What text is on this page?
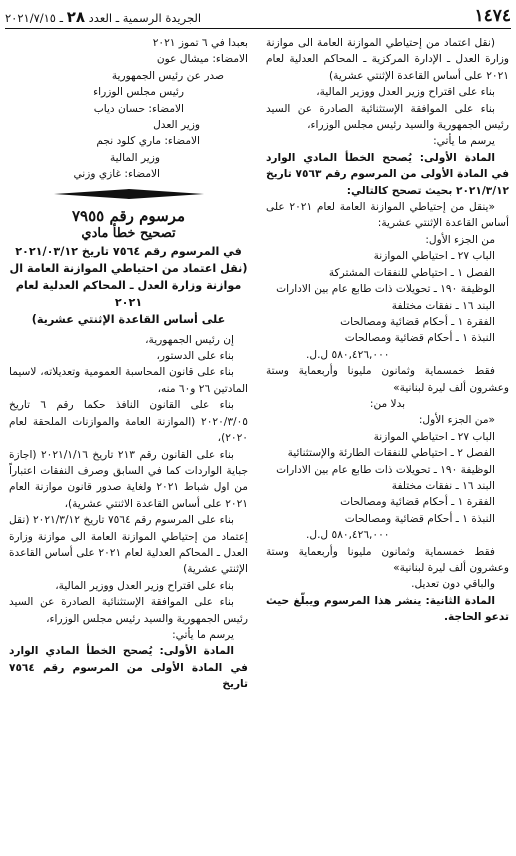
١٤٧٤
الجريدة الرسمية ـ العدد ٢٨ ـ ٢٠٢١/٧/١٥

(نقل اعتماد من إحتياطي الموازنة العامة الى موازنة وزارة العدل ـ الإدارة المركزية ـ المحاكم العدلية لعام ٢٠٢١ على أساس القاعدة الإثنتي عشرية)

بناء على اقتراح وزير العدل ووزير المالية،

بناء على الموافقة الإستثنائية الصادرة عن السيد رئيس الجمهورية والسيد رئيس مجلس الوزراء،

يرسم ما يأتي:

المادة الأولى: يُصحح الخطأ المادي الوارد في المادة الأولى من المرسوم رقم ٧٥٦٣ تاريخ ٢٠٢١/٣/١٢ بحيث تصحح كالتالي:

«ينقل من إحتياطي الموازنة العامة لعام ٢٠٢١ على أساس القاعدة الإثنتي عشرية:

من الجزء الأول:

الباب ٢٧ ـ احتياطي الموازنة

الفصل ١ ـ احتياطي للنفقات المشتركة

الوظيفة ١٩٠ ـ تحويلات ذات طابع عام بين الادارات

البند ١٦ ـ نفقات مختلفة

الفقرة ١ ـ أحكام قضائية ومصالحات

النبذة ١ ـ أحكام قضائية ومصالحات

٥٨٠,٤٢٦,٠٠٠ ل.ل.

فقط خمسماية وثمانون مليونا وأربعماية وستة وعشرون ألف ليرة لبنانية»

بدلا من:

«من الجزء الأول:

الباب ٢٧ ـ احتياطي الموازنة

الفصل ٢ ـ احتياطي للنفقات الطارئة والإستثنائية

الوظيفة ١٩٠ ـ تحويلات ذات طابع عام بين الادارات

البند ١٦ ـ نفقات مختلفة

الفقرة ١ ـ أحكام قضائية ومصالحات

النبذة ١ ـ أحكام قضائية ومصالحات

٥٨٠,٤٢٦,٠٠٠ ل.ل.

فقط خمسماية وثمانون مليونا وأربعماية وستة وعشرون ألف ليرة لبنانية»

والباقي دون تعديل.

المادة الثانية: ينشر هذا المرسوم ويبلّغ حيث تدعو الحاجة.

بعبدا في ٦ تموز ٢٠٢١

الامضاء: ميشال عون

صدر عن رئيس الجمهورية

رئيس مجلس الوزراء

الامضاء: حسان دياب

وزير العدل

الامضاء: ماري كلود نجم

وزير المالية

الامضاء: غازي وزني

مرسوم رقم ٧٩٥٥

تصحيح خطأ مادي

في المرسوم رقم ٧٥٦٤ تاريخ ٢٠٢١/٠٣/١٢

(نقل اعتماد من احتياطي الموازنة العامة ال موازنة وزارة العدل ـ المحاكم العدلية لعام ٢٠٢١

على أساس القاعدة الإثنتي عشرية)

إن رئيس الجمهورية،

بناء على الدستور،

بناء على قانون المحاسبة العمومية وتعديلاته، لاسيما المادتين ٢٦ و٦٠ منه،

بناء على القانون النافذ حكما رقم ٦ تاريخ ٢٠٢٠/٣/٠٥ (الموازنة العامة والموازنات الملحقة لعام ٢٠٢٠)،

بناء على القانون رقم ٢١٣ تاريخ ٢٠٢١/١/١٦ (اجازة جباية الواردات كما في السابق وصرف النفقات اعتباراً من اول شباط ٢٠٢١ ولغاية صدور قانون موازنة العام ٢٠٢١ على أساس القاعدة الاثنتي عشرية)،

بناء على المرسوم رقم ٧٥٦٤ تاريخ ٢٠٢١/٣/١٢ (نقل إعتماد من إحتياطي الموازنة العامة الى موازنة وزارة العدل ـ المحاكم العدلية لعام ٢٠٢١ على أساس القاعدة الإثنتي عشرية)

بناء على اقتراح وزير العدل ووزير المالية،

بناء على الموافقة الإستثنائية الصادرة عن السيد رئيس الجمهورية والسيد رئيس مجلس الوزراء،

يرسم ما يأتي:

المادة الأولى: يُصحح الخطأ المادي الوارد في المادة الأولى من المرسوم رقم ٧٥٦٤ تاريخ
